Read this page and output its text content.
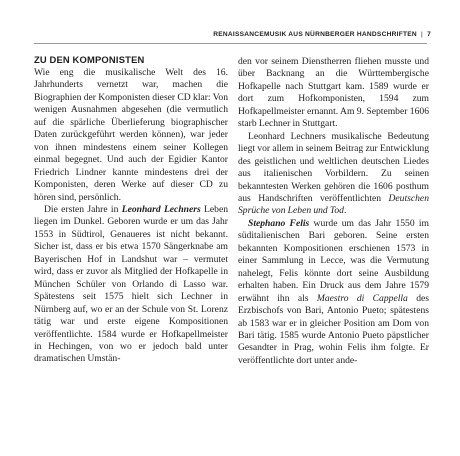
RENAISSANCEMUSIK AUS NÜRNBERGER HANDSCHRIFTEN | 7
ZU DEN KOMPONISTEN

Wie eng die musikalische Welt des 16. Jahrhunderts vernetzt war, machen die Biographien der Komponisten dieser CD klar: Von wenigen Ausnahmen abgesehen (die vermutlich auf die spärliche Überlieferung biographischer Daten zurückgeführt werden können), war jeder von ihnen mindestens einem seiner Kollegen einmal begegnet. Und auch der Egidier Kantor Friedrich Lindner kannte mindestens drei der Komponisten, deren Werke auf dieser CD zu hören sind, persönlich.

Die ersten Jahre in Leonhard Lechners Leben liegen im Dunkel. Geboren wurde er um das Jahr 1553 in Südtirol, Genaueres ist nicht bekannt. Sicher ist, dass er bis etwa 1570 Sängerknabe am Bayerischen Hof in Landshut war – vermutet wird, dass er zuvor als Mitglied der Hofkapelle in München Schüler von Orlando di Lasso war. Spätestens seit 1575 hielt sich Lechner in Nürnberg auf, wo er an der Schule von St. Lorenz tätig war und erste eigene Kompositionen veröffentlichte. 1584 wurde er Hofkapellmeister in Hechingen, von wo er jedoch bald unter dramatischen Umstän-

den vor seinem Dienstherren fliehen musste und über Backnang an die Württembergische Hofkapelle nach Stuttgart kam. 1589 wurde er dort zum Hofkomponisten, 1594 zum Hofkapellmeister ernannt. Am 9. September 1606 starb Lechner in Stuttgart.

Leonhard Lechners musikalische Bedeutung liegt vor allem in seinem Beitrag zur Entwicklung des geistlichen und weltlichen deutschen Liedes aus italienischen Vorbildern. Zu seinen bekanntesten Werken gehören die 1606 posthum aus Handschriften veröffentlichten Deutschen Sprüche von Leben und Tod.

Stephano Felis wurde um das Jahr 1550 im süditalienischen Bari geboren. Seine ersten bekannten Kompositionen erschienen 1573 in einer Sammlung in Lecce, was die Vermutung nahelegt, Felis könnte dort seine Ausbildung erhalten haben. Ein Druck aus dem Jahre 1579 erwähnt ihn als Maestro di Cappella des Erzbischofs von Bari, Antonio Pueto; spätestens ab 1583 war er in gleicher Position am Dom von Bari tätig. 1585 wurde Antonio Pueto päpstlicher Gesandter in Prag, wohin Felis ihm folgte. Er veröffentlichte dort unter ande-
